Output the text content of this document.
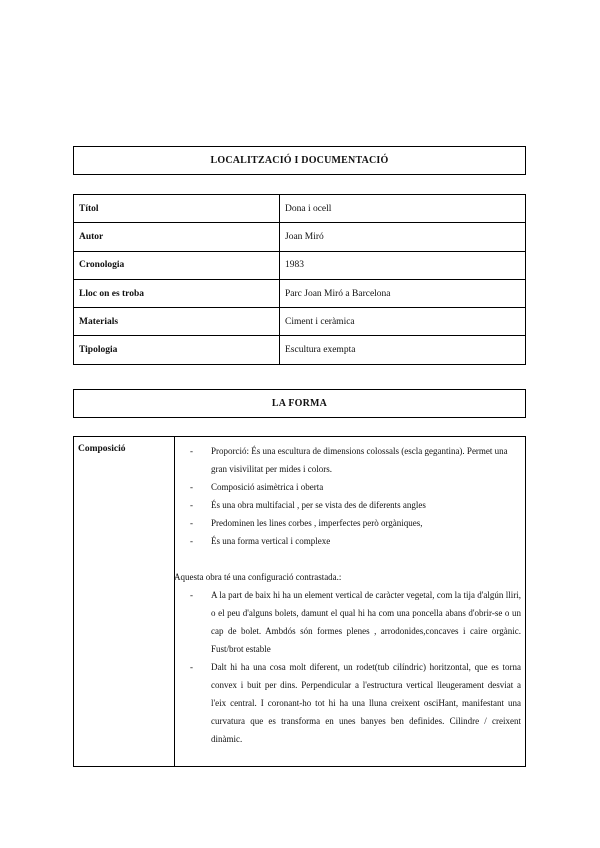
LOCALITZACIÓ I DOCUMENTACIÓ
Títol	Dona i ocell
Autor	Joan Miró
Cronologia	1983
Lloc on es troba	Parc Joan Miró a Barcelona
Materials	Ciment i ceràmica
Tipologia	Escultura exempta
LA FORMA
Composició	- Proporció: És una escultura de dimensions colossals (escla gegantina). Permet una gran visivilitat per mides i colors.
- Composició asimètrica i oberta
- És una obra multifacial , per se vista des de diferents angles
- Predominen les lines corbes , imperfectes però orgàniques,
- És una forma vertical i complexe
Aquesta obra té una configuració contrastada.:
- A la part de baix hi ha un element vertical de caràcter vegetal, com la tija d'algún lliri, o el peu d'alguns bolets, damunt el qual hi ha com una poncella abans d'obrir-se o un cap de bolet. Ambdós són formes plenes , arrodonides,concaves i caire orgànic. Fust/brot estable
- Dalt hi ha una cosa molt diferent, un rodet(tub cilíndric) horitzontal, que es torna convex i buit per dins. Perpendicular a l'estructura vertical lleugerament desviat a l'eix central. I coronant-ho tot hi ha una lluna creixent osciHant, manifestant una curvatura que es transforma en unes banyes ben definides. Cilindre / creixent dinàmic.
